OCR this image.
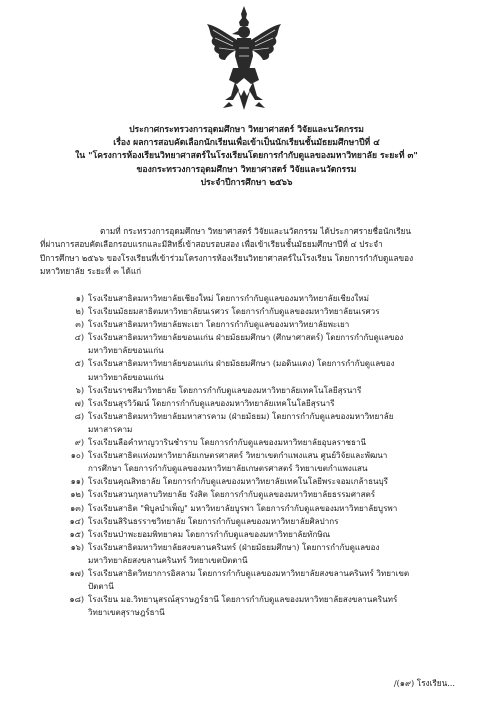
ประกาศกระทรวงการอุดมศึกษา วิทยาศาสตร์ วิจัยและนวัตกรรม
เรื่อง ผลการสอบคัดเลือกนักเรียนเพื่อเข้าเป็นนักเรียนชั้นมัธยมศึกษาปีที่ ๔
ใน "โครงการห้องเรียนวิทยาศาสตร์ในโรงเรียนโดยการกำกับดูแลของมหาวิทยาลัย ระยะที่ ๓"
ของกระทรวงการอุดมศึกษา วิทยาศาสตร์ วิจัยและนวัตกรรม
ประจำปีการศึกษา ๒๕๖๖
ตามที่ กระทรวงการอุดมศึกษา วิทยาศาสตร์ วิจัยและนวัตกรรม ได้ประกาศรายชื่อนักเรียน
ที่ผ่านการสอบคัดเลือกรอบแรกและมีสิทธิ์เข้าสอบรอบสอง เพื่อเข้าเรียนชั้นมัธยมศึกษาปีที่ ๔ ประจำ
ปีการศึกษา ๒๕๖๖ ของโรงเรียนที่เข้าร่วมโครงการห้องเรียนวิทยาศาสตร์ในโรงเรียน โดยการกำกับดูแลของ
มหาวิทยาลัย ระยะที่ ๓ ได้แก่
๑) โรงเรียนสาธิตมหาวิทยาลัยเชียงใหม่ โดยการกำกับดูแลของมหาวิทยาลัยเชียงใหม่
๒) โรงเรียนมัธยมสาธิตมหาวิทยาลัยนเรศวร โดยการกำกับดูแลของมหาวิทยาลัยนเรศวร
๓) โรงเรียนสาธิตมหาวิทยาลัยพะเยา โดยการกำกับดูแลของมหาวิทยาลัยพะเยา
๔) โรงเรียนสาธิตมหาวิทยาลัยขอนแก่น ฝ่ายมัธยมศึกษา (ศึกษาศาสตร์) โดยการกำกับดูแลของ
มหาวิทยาลัยขอนแก่น
๕) โรงเรียนสาธิตมหาวิทยาลัยขอนแก่น ฝ่ายมัธยมศึกษา (มอดินแดง) โดยการกำกับดูแลของ
มหาวิทยาลัยขอนแก่น
๖) โรงเรียนราชสีมาวิทยาลัย โดยการกำกับดูแลของมหาวิทยาลัยเทคโนโลยีสุรนารี
๗) โรงเรียนสุรวิวัฒน์ โดยการกำกับดูแลของมหาวิทยาลัยเทคโนโลยีสุรนารี
๘) โรงเรียนสาธิตมหาวิทยาลัยมหาสารคาม (ฝ่ายมัธยม) โดยการกำกับดูแลของมหาวิทยาลัย
มหาสารคาม
๙) โรงเรียนลือคำหาญวารินชำราบ โดยการกำกับดูแลของมหาวิทยาลัยอุบลราชธานี
๑๐) โรงเรียนสาธิตแห่งมหาวิทยาลัยเกษตรศาสตร์ วิทยาเขตกำแพงแสน ศูนย์วิจัยและพัฒนา
การศึกษา โดยการกำกับดูแลของมหาวิทยาลัยเกษตรศาสตร์ วิทยาเขตกำแพงแสน
๑๑) โรงเรียนคุณสิทธาลัย โดยการกำกับดูแลของมหาวิทยาลัยเทคโนโลยีพระจอมเกล้าธนบุรี
๑๒) โรงเรียนสวนกุหลาบวิทยาลัย รังสิต โดยการกำกับดูแลของมหาวิทยาลัยธรรมศาสตร์
๑๓) โรงเรียนสาธิต "พิบูลบำเพ็ญ" มหาวิทยาลัยบูรพา โดยการกำกับดูแลของมหาวิทยาลัยบูรพา
๑๔) โรงเรียนสิรินธรราชวิทยาลัย โดยการกำกับดูแลของมหาวิทยาลัยศิลปากร
๑๕) โรงเรียนป่าพะยอมพิทยาคม โดยการกำกับดูแลของมหาวิทยาลัยทักษิณ
๑๖) โรงเรียนสาธิตมหาวิทยาลัยสงขลานครินทร์ (ฝ่ายมัธยมศึกษา) โดยการกำกับดูแลของ
มหาวิทยาลัยสงขลานครินทร์ วิทยาเขตปัตตานี
๑๗) โรงเรียนสาธิตวิทยาการอิสลาม โดยการกำกับดูแลของมหาวิทยาลัยสงขลานครินทร์ วิทยาเขต
ปัตตานี
๑๘) โรงเรียน มอ.วิทยานุสรณ์สุราษฎร์ธานี โดยการกำกับดูแลของมหาวิทยาลัยสงขลานครินทร์
วิทยาเขตสุราษฎร์ธานี
/(๑๙) โรงเรียน...
